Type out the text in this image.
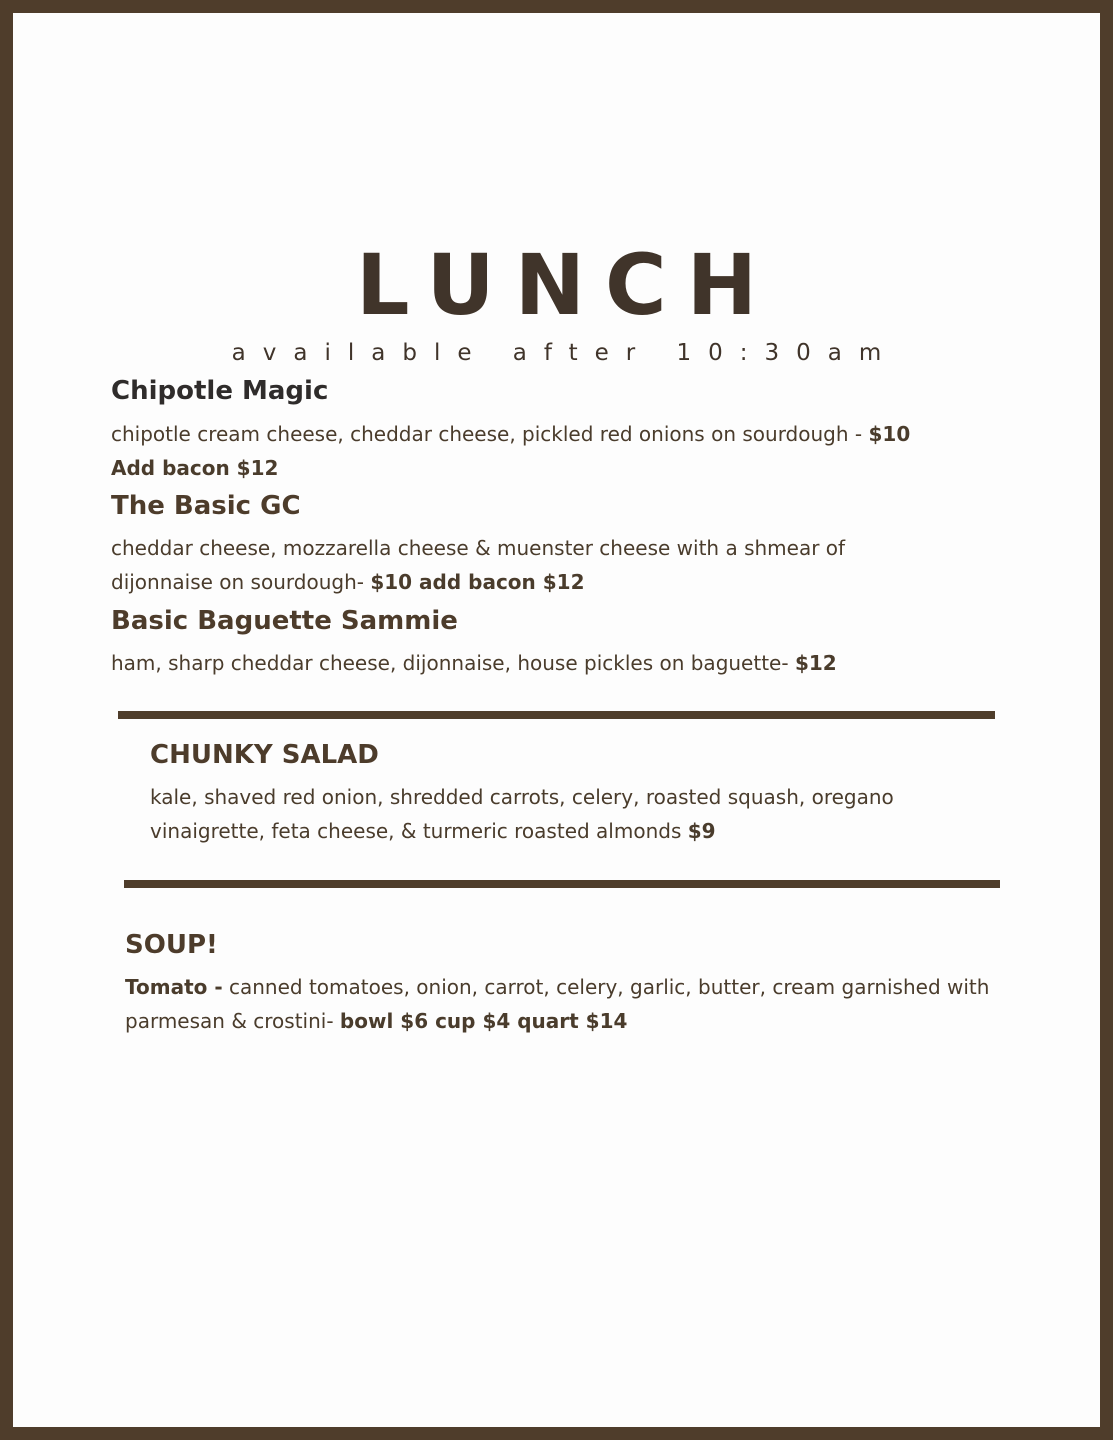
LUNCH
available after 10:30am
Chipotle Magic
chipotle cream cheese, cheddar cheese, pickled red onions on sourdough - $10
Add bacon $12
The Basic GC
cheddar cheese, mozzarella cheese & muenster cheese with a shmear of dijonnaise on sourdough- $10 add bacon $12
Basic Baguette Sammie
ham, sharp cheddar cheese, dijonnaise, house pickles on baguette- $12
CHUNKY SALAD
kale, shaved red onion, shredded carrots, celery, roasted squash, oregano vinaigrette, feta cheese, & turmeric roasted almonds $9
SOUP!
Tomato - canned tomatoes, onion, carrot, celery, garlic, butter, cream garnished with parmesan & crostini- bowl $6 cup $4 quart $14
